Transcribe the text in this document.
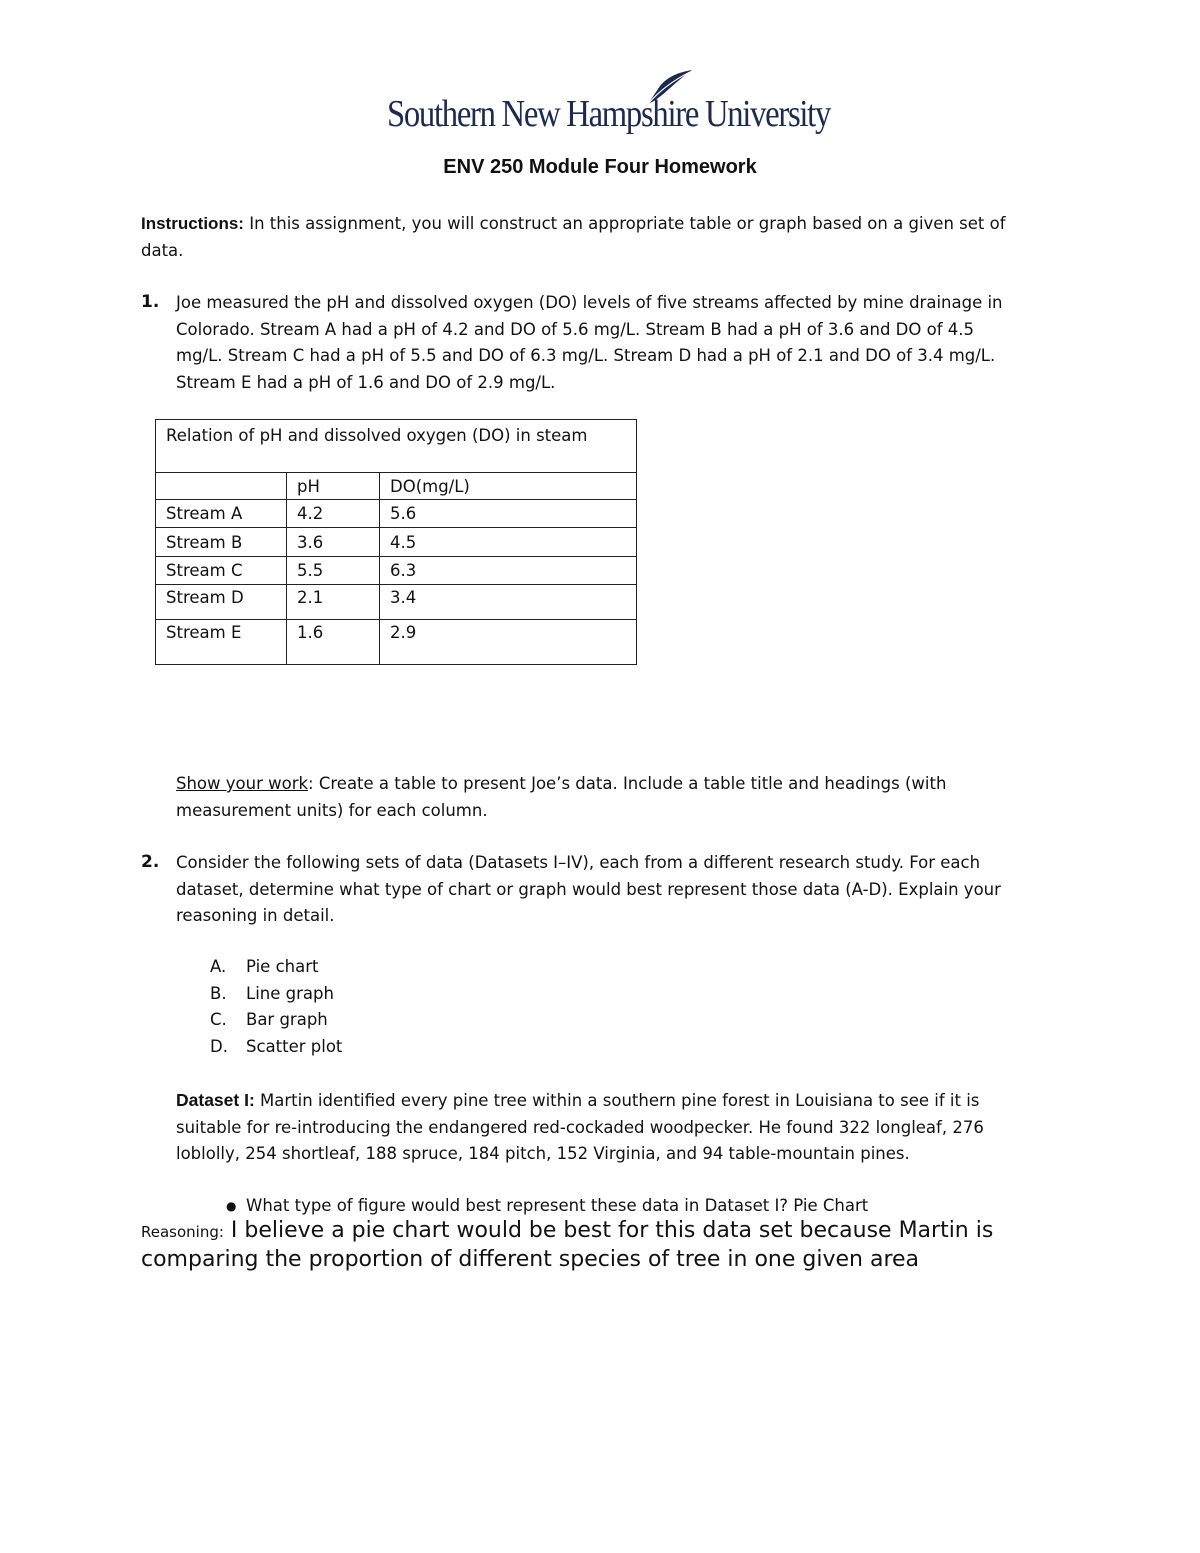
Southern New Hampshire University
ENV 250 Module Four Homework
Instructions: In this assignment, you will construct an appropriate table or graph based on a given set of
data.
1. Joe measured the pH and dissolved oxygen (DO) levels of five streams affected by mine drainage in
Colorado. Stream A had a pH of 4.2 and DO of 5.6 mg/L. Stream B had a pH of 3.6 and DO of 4.5
mg/L. Stream C had a pH of 5.5 and DO of 6.3 mg/L. Stream D had a pH of 2.1 and DO of 3.4 mg/L.
Stream E had a pH of 1.6 and DO of 2.9 mg/L.
Relation of pH and dissolved oxygen (DO) in steam		
	pH	DO(mg/L)
Stream A	4.2	5.6
Stream B	3.6	4.5
Stream C	5.5	6.3
Stream D	2.1	3.4
Stream E	1.6	2.9
Show your work: Create a table to present Joe’s data. Include a table title and headings (with
measurement units) for each column.
2. Consider the following sets of data (Datasets I–IV), each from a different research study. For each
dataset, determine what type of chart or graph would best represent those data (A-D). Explain your
reasoning in detail.
A. Pie chart
B. Line graph
C. Bar graph
D. Scatter plot
Dataset I: Martin identified every pine tree within a southern pine forest in Louisiana to see if it is
suitable for re-introducing the endangered red-cockaded woodpecker. He found 322 longleaf, 276
loblolly, 254 shortleaf, 188 spruce, 184 pitch, 152 Virginia, and 94 table-mountain pines.
● What type of figure would best represent these data in Dataset I? Pie Chart
Reasoning: I believe a pie chart would be best for this data set because Martin is
comparing the proportion of different species of tree in one given area
